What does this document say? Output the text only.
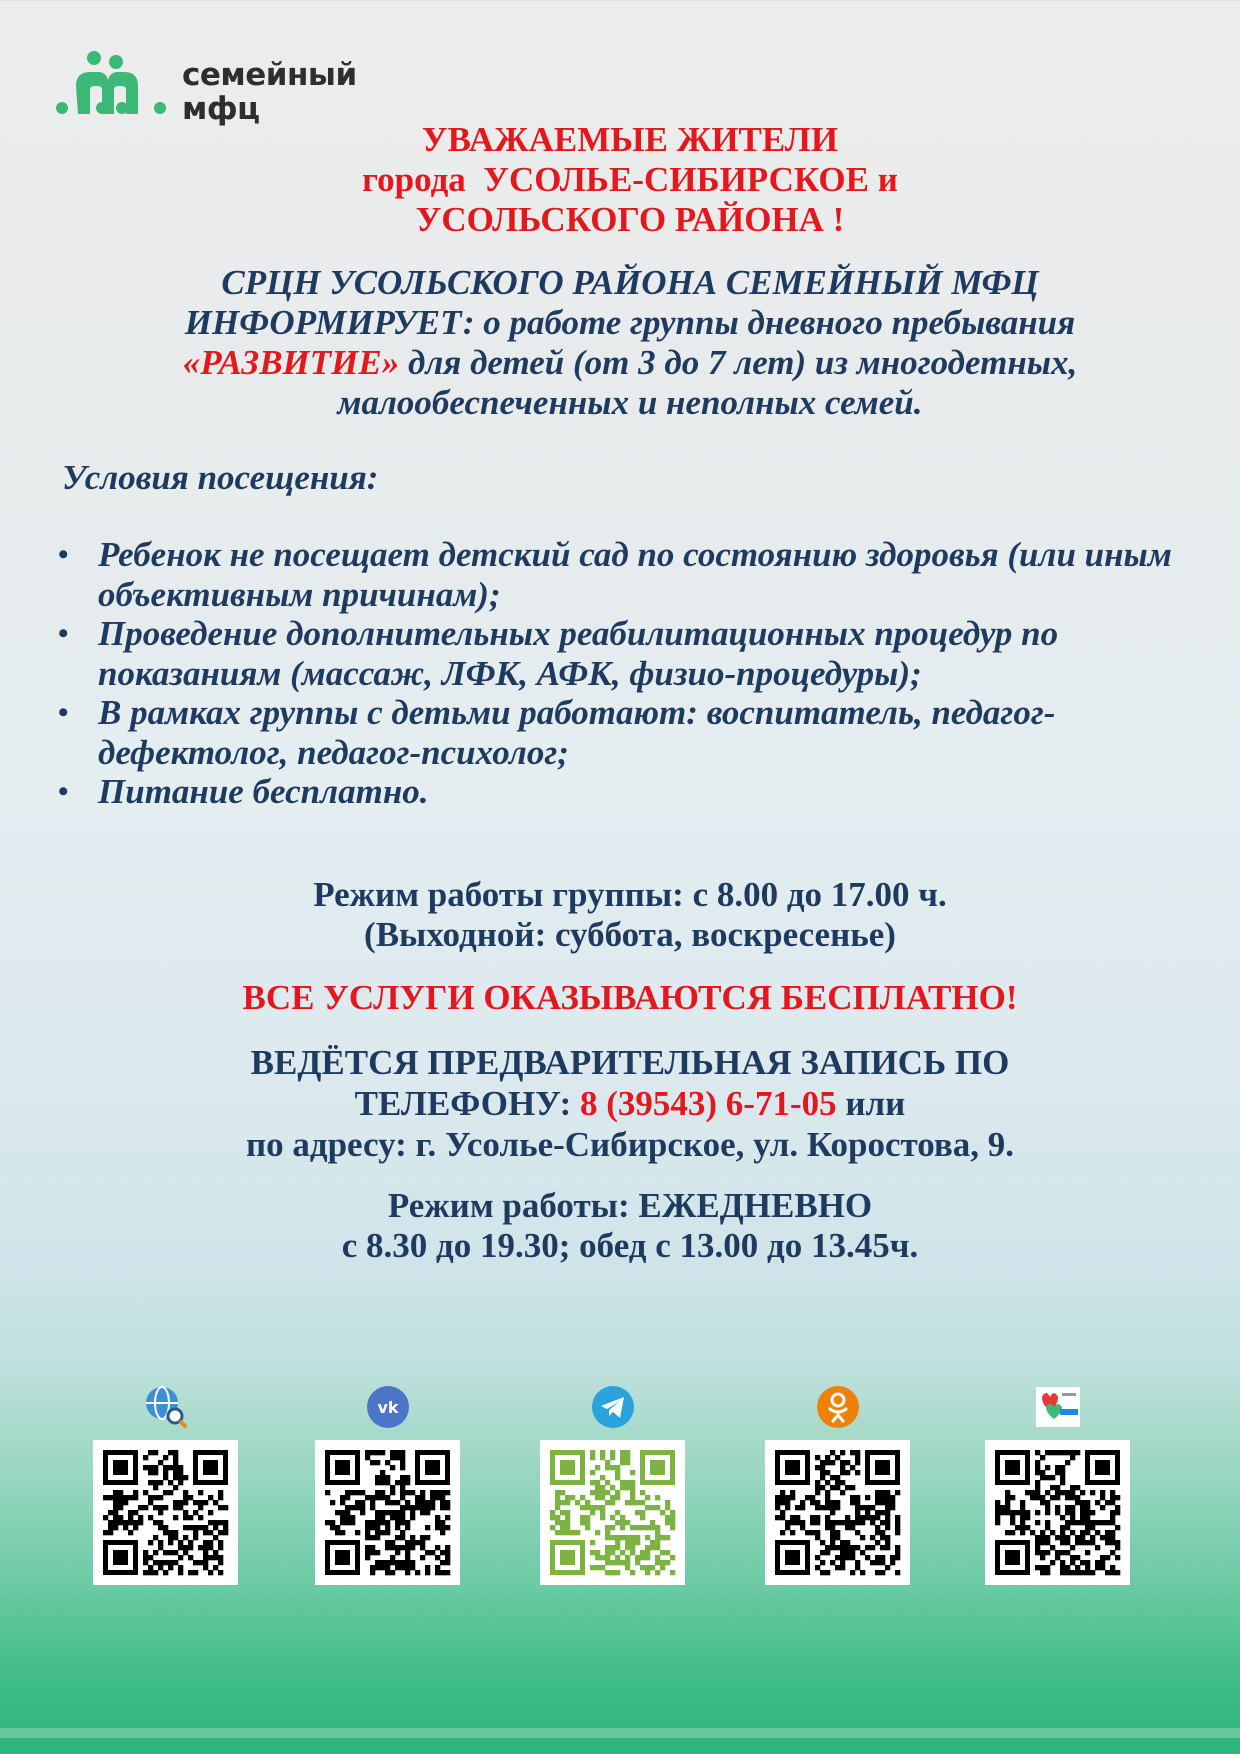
семейный
мфц
УВАЖАЕМЫЕ ЖИТЕЛИ
города  УСОЛЬЕ-СИБИРСКОЕ и
УСОЛЬСКОГО РАЙОНА !
СРЦН УСОЛЬСКОГО РАЙОНА СЕМЕЙНЫЙ МФЦ
ИНФОРМИРУЕТ: о работе группы дневного пребывания
«РАЗВИТИЕ» для детей (от 3 до 7 лет) из многодетных,
малообеспеченных и неполных семей.
Условия посещения:
• Ребенок не посещает детский сад по состоянию здоровья (или иным объективным причинам);
• Проведение дополнительных реабилитационных процедур по показаниям (массаж, ЛФК, АФК, физио-процедуры);
• В рамках группы с детьми работают: воспитатель, педагог-дефектолог, педагог-психолог;
• Питание бесплатно.
Режим работы группы: с 8.00 до 17.00 ч.
(Выходной: суббота, воскресенье)
ВСЕ УСЛУГИ ОКАЗЫВАЮТСЯ БЕСПЛАТНО!
ВЕДЁТСЯ ПРЕДВАРИТЕЛЬНАЯ ЗАПИСЬ ПО
ТЕЛЕФОНУ: 8 (39543) 6-71-05 или
по адресу: г. Усолье-Сибирское, ул. Коростова, 9.
Режим работы: ЕЖЕДНЕВНО
с 8.30 до 19.30; обед с 13.00 до 13.45ч.
vk
